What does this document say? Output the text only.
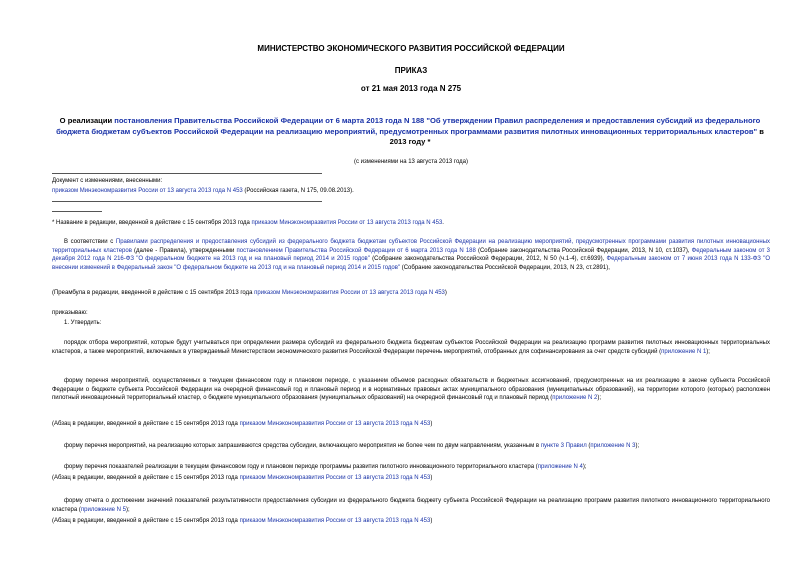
МИНИСТЕРСТВО ЭКОНОМИЧЕСКОГО РАЗВИТИЯ РОССИЙСКОЙ ФЕДЕРАЦИИ
ПРИКАЗ
от 21 мая 2013 года N 275
О реализации постановления Правительства Российской Федерации от 6 марта 2013 года N 188 "Об утверждении Правил распределения и предоставления субсидий из федерального бюджета бюджетам субъектов Российской Федерации на реализацию мероприятий, предусмотренных программами развития пилотных инновационных территориальных кластеров" в 2013 году *
(с изменениями на 13 августа 2013 года)
Документ с изменениями, внесенными:
приказом Минэкономразвития России от 13 августа 2013 года N 453 (Российская газета, N 175, 09.08.2013).
* Название в редакции, введенной в действие с 15 сентября 2013 года приказом Минэкономразвития России от 13 августа 2013 года N 453.
В соответствии с Правилами распределения и предоставления субсидий из федерального бюджета бюджетам субъектов Российской Федерации на реализацию мероприятий, предусмотренных программами развития пилотных инновационных территориальных кластеров (далее - Правила), утвержденными постановлением Правительства Российской Федерации от 6 марта 2013 года N 188 (Собрание законодательства Российской Федерации, 2013, N 10, ст.1037), Федеральным законом от 3 декабря 2012 года N 216-ФЗ "О федеральном бюджете на 2013 год и на плановый период 2014 и 2015 годов" (Собрание законодательства Российской Федерации, 2012, N 50 (ч.1-4), ст.6939), Федеральным законом от 7 июня 2013 года N 133-ФЗ "О внесении изменений в Федеральный закон "О федеральном бюджете на 2013 год и на плановый период 2014 и 2015 годов" (Собрание законодательства Российской Федерации, 2013, N 23, ст.2891),
(Преамбула в редакции, введенной в действие с 15 сентября 2013 года приказом Минэкономразвития России от 13 августа 2013 года N 453)
приказываю:
1. Утвердить:
порядок отбора мероприятий, которые будут учитываться при определении размера субсидий из федерального бюджета бюджетам субъектов Российской Федерации на реализацию программ развития пилотных инновационных территориальных кластеров, а также мероприятий, включаемых в утверждаемый Министерством экономического развития Российской Федерации перечень мероприятий, отобранных для софинансирования за счет средств субсидий (приложение N 1);
форму перечня мероприятий, осуществляемых в текущем финансовом году и плановом периоде, с указанием объемов расходных обязательств и бюджетных ассигнований, предусмотренных на их реализацию в законе субъекта Российской Федерации о бюджете субъекта Российской Федерации на очередной финансовый год и плановый период и в нормативных правовых актах муниципального образования (муниципальных образований), на территории которого (которых) расположен пилотный инновационный территориальный кластер, о бюджете муниципального образования (муниципальных образований) на очередной финансовый год и плановый период (приложение N 2);
(Абзац в редакции, введенной в действие с 15 сентября 2013 года приказом Минэкономразвития России от 13 августа 2013 года N 453)
форму перечня мероприятий, на реализацию которых запрашиваются средства субсидии, включающего мероприятия не более чем по двум направлениям, указанным в пункте 3 Правил (приложение N 3);
форму перечня показателей реализации в текущем финансовом году и плановом периоде программы развития пилотного инновационного территориального кластера (приложение N 4);
(Абзац в редакции, введенной в действие с 15 сентября 2013 года приказом Минэкономразвития России от 13 августа 2013 года N 453)
форму отчета о достижении значений показателей результативности предоставления субсидии из федерального бюджета бюджету субъекта Российской Федерации на реализацию программ развития пилотного инновационного территориального кластера (приложение N 5);
(Абзац в редакции, введенной в действие с 15 сентября 2013 года приказом Минэкономразвития России от 13 августа 2013 года N 453)
